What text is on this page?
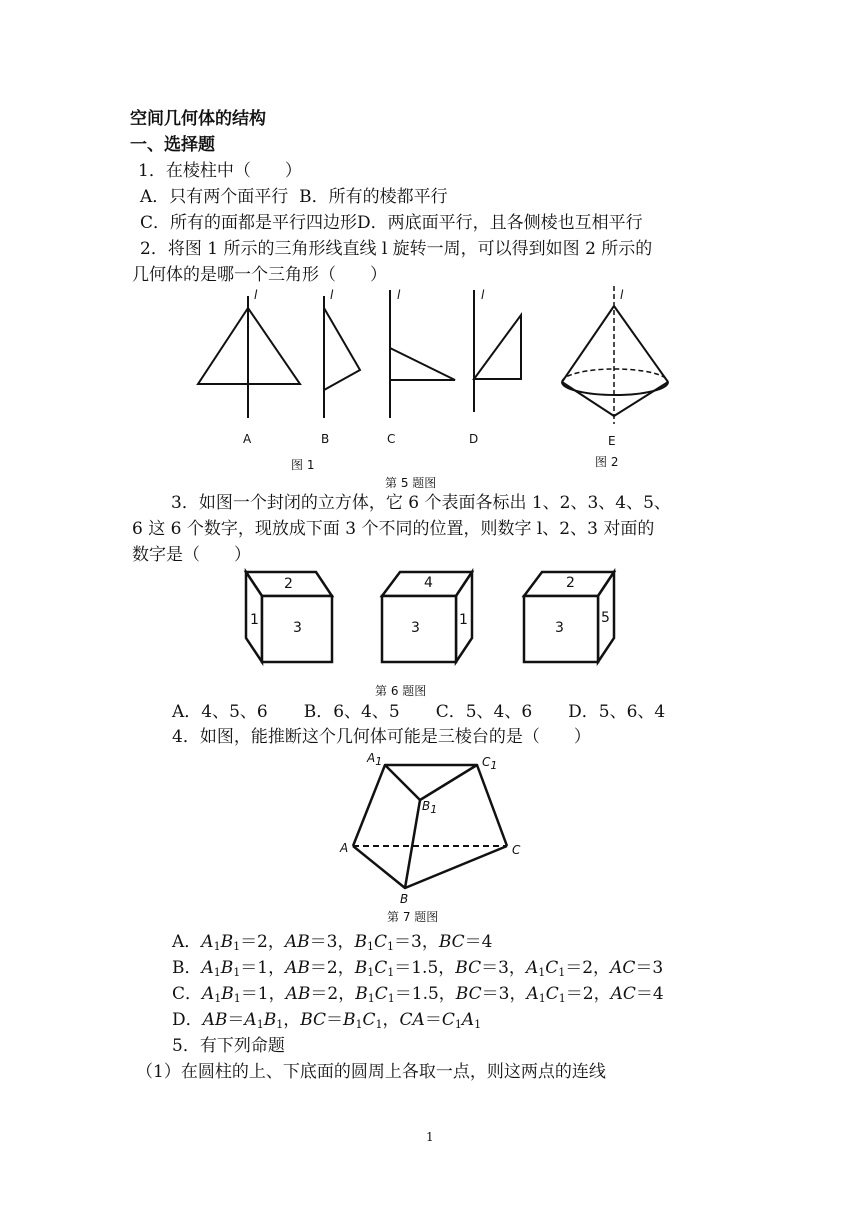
空间几何体的结构
一、选择题
1．在棱柱中（　　）
A．只有两个面平行 B．所有的棱都平行
C．所有的面都是平行四边形D．两底面平行，且各侧棱也互相平行
2．将图 1 所示的三角形线直线 l 旋转一周，可以得到如图 2 所示的
几何体的是哪一个三角形（　　）
l	l	l	l	l
A	B	C	D	E
图 1	图 2
第 5 题图
3．如图一个封闭的立方体，它 6 个表面各标出 1、2、3、4、5、
6 这 6 个数字，现放成下面 3 个不同的位置，则数字 l、2、3 对面的
数字是（　　）
2
1 3
4
3	1
2
3
5
第 6 题图
A．4、5、6 B．6、4、5 C．5、4、6 D．5、6、4
4．如图，能推断这个几何体可能是三棱台的是（　　）
$A_1$	$C_1$
$B_1$
A	C
B
第 7 题图
A．$A_1B_1=2$，AB＝3，$B_1C_1=3$，BC＝4
B．$A_1B_1=1$，AB＝2，$B_1C_1=1.5$，BC＝3，$A_1C_1=2$，AC＝3
C．$A_1B_1=1$，AB＝2，$B_1C_1=1.5$，BC＝3，$A_1C_1=2$，AC＝4
D．$AB=A_1B_1$，$BC=B_1C_1$，$CA=C_1A_1$
5．有下列命题
（1）在圆柱的上、下底面的圆周上各取一点，则这两点的连线
1
